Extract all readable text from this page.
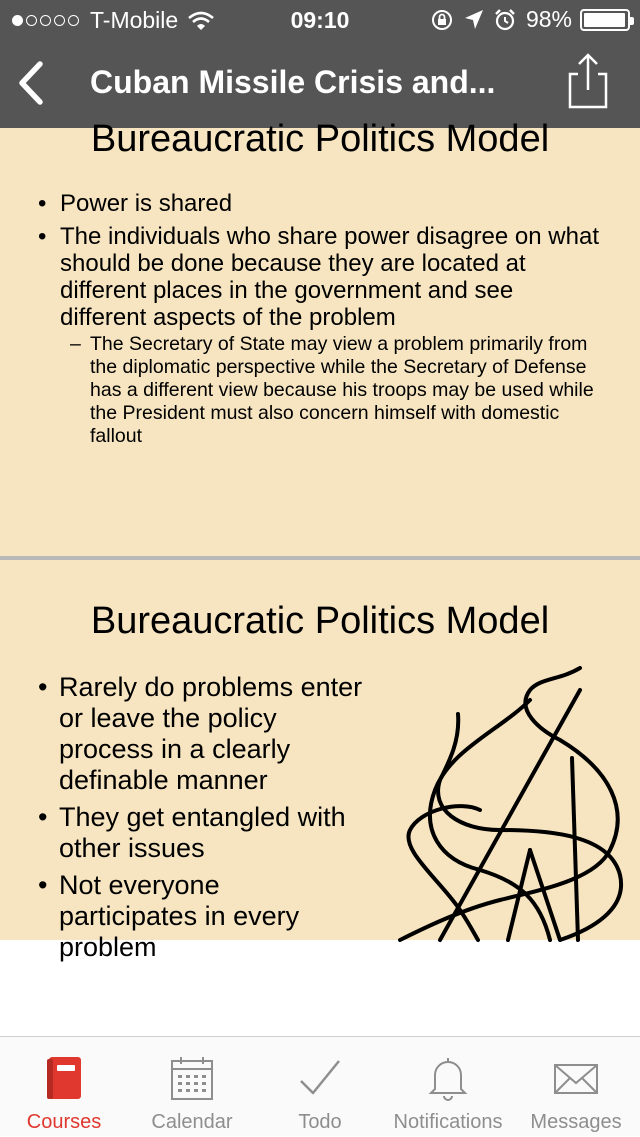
T-Mobile	09:10	98%
Cuban Missile Crisis and...
Bureaucratic Politics Model
• Power is shared
• The individuals who share power disagree on what should be done because they are located at different places in the government and see different aspects of the problem
– The Secretary of State may view a problem primarily from the diplomatic perspective while the Secretary of Defense has a different view because his troops may be used while the President must also concern himself with domestic fallout
Bureaucratic Politics Model
• Rarely do problems enter or leave the policy process in a clearly definable manner
• They get entangled with other issues
• Not everyone participates in every problem
Courses	Calendar	Todo	Notifications	Messages
